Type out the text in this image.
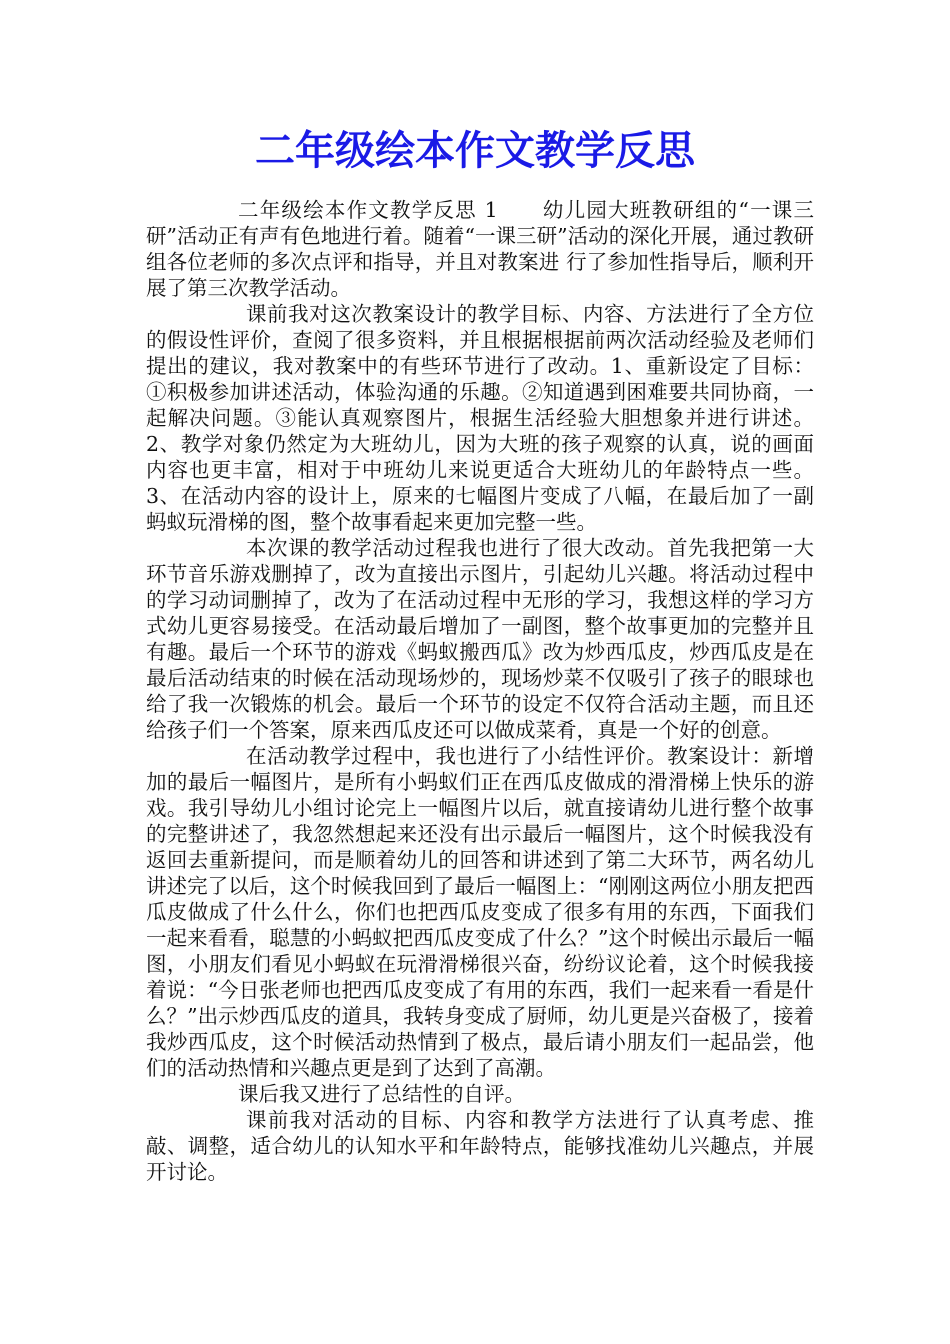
二年级绘本作文教学反思

二年级绘本作文教学反思 1 幼儿园大班教研组的“一课三研”活动正有声有色地进行着。随着“一课三研”活动的深化开展，通过教研组各位老师的多次点评和指导，并且对教案进 行了参加性指导后，顺利开展了第三次教学活动。

课前我对这次教案设计的教学目标、内容、方法进行了全方位的假设性评价，查阅了很多资料，并且根据根据前两次活动经验及老师们提出的建议，我对教案中的有些环节进行了改动。1、重新设定了目标：①积极参加讲述活动，体验沟通的乐趣。②知道遇到困难要共同协商，一起解决问题。③能认真观察图片，根据生活经验大胆想象并进行讲述。2、教学对象仍然定为大班幼儿，因为大班的孩子观察的认真，说的画面内容也更丰富，相对于中班幼儿来说更适合大班幼儿的年龄特点一些。3、在活动内容的设计上，原来的七幅图片变成了八幅，在最后加了一副蚂蚁玩滑梯的图，整个故事看起来更加完整一些。

本次课的教学活动过程我也进行了很大改动。首先我把第一大环节音乐游戏删掉了，改为直接出示图片，引起幼儿兴趣。将活动过程中的学习动词删掉了，改为了在活动过程中无形的学习，我想这样的学习方式幼儿更容易接受。在活动最后增加了一副图，整个故事更加的完整并且有趣。最后一个环节的游戏《蚂蚁搬西瓜》改为炒西瓜皮，炒西瓜皮是在最后活动结束的时候在活动现场炒的，现场炒菜不仅吸引了孩子的眼球也给了我一次锻炼的机会。最后一个环节的设定不仅符合活动主题，而且还给孩子们一个答案，原来西瓜皮还可以做成菜肴，真是一个好的创意。

在活动教学过程中，我也进行了小结性评价。教案设计：新增加的最后一幅图片，是所有小蚂蚁们正在西瓜皮做成的滑滑梯上快乐的游戏。我引导幼儿小组讨论完上一幅图片以后，就直接请幼儿进行整个故事的完整讲述了，我忽然想起来还没有出示最后一幅图片，这个时候我没有返回去重新提问，而是顺着幼儿的回答和讲述到了第二大环节，两名幼儿讲述完了以后，这个时候我回到了最后一幅图上：“刚刚这两位小朋友把西瓜皮做成了什么什么，你们也把西瓜皮变成了很多有用的东西，下面我们一起来看看，聪慧的小蚂蚁把西瓜皮变成了什么？”这个时候出示最后一幅图，小朋友们看见小蚂蚁在玩滑滑梯很兴奋，纷纷议论着，这个时候我接着说：“今日张老师也把西瓜皮变成了有用的东西，我们一起来看一看是什么？”出示炒西瓜皮的道具，我转身变成了厨师，幼儿更是兴奋极了，接着我炒西瓜皮，这个时候活动热情到了极点，最后请小朋友们一起品尝，他们的活动热情和兴趣点更是到了达到了高潮。

课后我又进行了总结性的自评。

课前我对活动的目标、内容和教学方法进行了认真考虑、推敲、调整，适合幼儿的认知水平和年龄特点，能够找准幼儿兴趣点，并展开讨论。
